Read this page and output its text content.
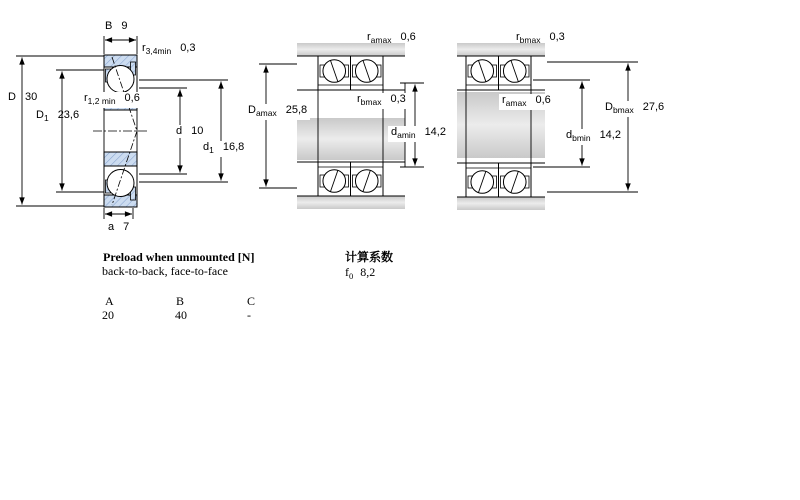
B 9
$r_{3,4min}$ 0,3
D 30
$D_1$ 23,6
$r_{1,2 min}$ 0,6
d 10
$d_1$ 16,8
a 7
$r_{amax}$ 0,6
$r_{bmax}$ 0,3
$D_{amax}$ 25,8
$d_{amin}$ 14,2
$r_{bmax}$ 0,3
$r_{amax}$ 0,6
$D_{bmax}$ 27,6
$d_{bmin}$ 14,2
Preload when unmounted [N]
back-to-back, face-to-face
A	B	C
20	40	-
计算系数
$f_0$ 8,2
